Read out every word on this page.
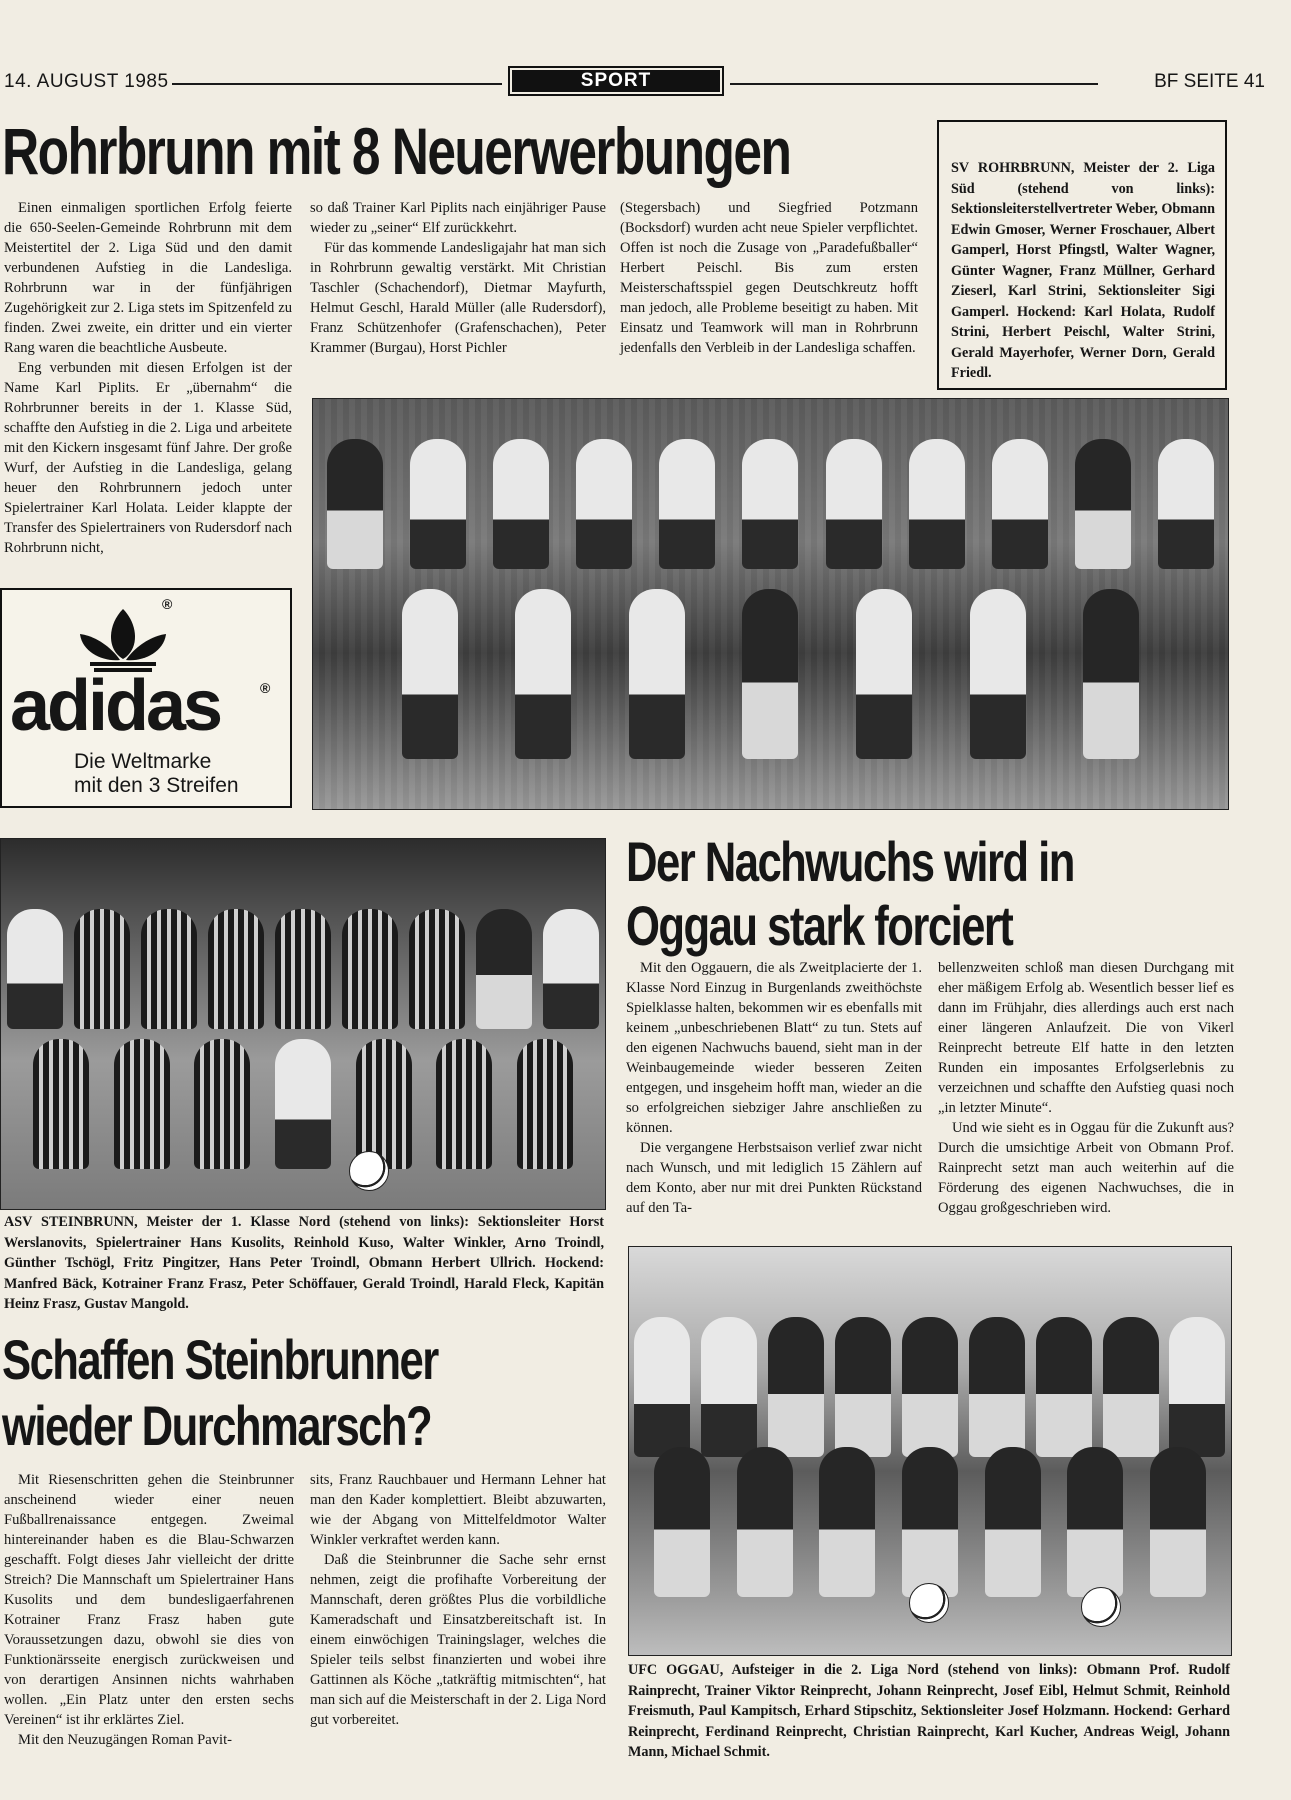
14. AUGUST 1985	SPORT	BF SEITE 41
Rohrbrunn mit 8 Neuerwerbungen

Einen einmaligen sportlichen Erfolg feierte die 650-Seelen-Gemeinde Rohrbrunn mit dem Meistertitel der 2. Liga Süd und den damit verbundenen Aufstieg in die Landesliga. Rohrbrunn war in der fünfjährigen Zugehörigkeit zur 2. Liga stets im Spitzenfeld zu finden. Zwei zweite, ein dritter und ein vierter Rang waren die beachtliche Ausbeute.

Eng verbunden mit diesen Erfolgen ist der Name Karl Piplits. Er „übernahm“ die Rohrbrunner bereits in der 1. Klasse Süd, schaffte den Aufstieg in die 2. Liga und arbeitete mit den Kickern insgesamt fünf Jahre. Der große Wurf, der Aufstieg in die Landesliga, gelang heuer den Rohrbrunnern jedoch unter Spielertrainer Karl Holata. Leider klappte der Transfer des Spielertrainers von Rudersdorf nach Rohrbrunn nicht,

so daß Trainer Karl Piplits nach einjähriger Pause wieder zu „seiner“ Elf zurückkehrt.

Für das kommende Landesligajahr hat man sich in Rohrbrunn gewaltig verstärkt. Mit Christian Taschler (Schachendorf), Dietmar Mayfurth, Helmut Geschl, Harald Müller (alle Rudersdorf), Franz Schützenhofer (Grafenschachen), Peter Krammer (Burgau), Horst Pichler

(Stegersbach) und Siegfried Potzmann (Bocksdorf) wurden acht neue Spieler verpflichtet. Offen ist noch die Zusage von „Paradefußballer“ Herbert Peischl. Bis zum ersten Meisterschaftsspiel gegen Deutschkreutz hofft man jedoch, alle Probleme beseitigt zu haben. Mit Einsatz und Teamwork will man in Rohrbrunn jedenfalls den Verbleib in der Landesliga schaffen.

SV ROHRBRUNN, Meister der 2. Liga Süd (stehend von links): Sektionsleiterstellvertreter Weber, Obmann Edwin Gmoser, Werner Froschauer, Albert Gamperl, Horst Pfingstl, Walter Wagner, Günter Wagner, Franz Müllner, Gerhard Zieserl, Karl Strini, Sektionsleiter Sigi Gamperl. Hockend: Karl Holata, Rudolf Strini, Herbert Peischl, Walter Strini, Gerald Mayerhofer, Werner Dorn, Gerald Friedl.
®
adidas	®
Die Weltmarke
mit den 3 Streifen
ASV STEINBRUNN, Meister der 1. Klasse Nord (stehend von links): Sektionsleiter Horst Werslanovits, Spielertrainer Hans Kusolits, Reinhold Kuso, Walter Winkler, Arno Troindl, Günther Tschögl, Fritz Pingitzer, Hans Peter Troindl, Obmann Herbert Ullrich. Hockend: Manfred Bäck, Kotrainer Franz Frasz, Peter Schöffauer, Gerald Troindl, Harald Fleck, Kapitän Heinz Frasz, Gustav Mangold.
Schaffen Steinbrunner
wieder Durchmarsch?

Mit Riesenschritten gehen die Steinbrunner anscheinend wieder einer neuen Fußballrenaissance entgegen. Zweimal hintereinander haben es die Blau-Schwarzen geschafft. Folgt dieses Jahr vielleicht der dritte Streich? Die Mannschaft um Spielertrainer Hans Kusolits und dem bundesligaerfahrenen Kotrainer Franz Frasz haben gute Voraussetzungen dazu, obwohl sie dies von Funktionärsseite energisch zurückweisen und von derartigen Ansinnen nichts wahrhaben wollen. „Ein Platz unter den ersten sechs Vereinen“ ist ihr erklärtes Ziel.

Mit den Neuzugängen Roman Pavit-

sits, Franz Rauchbauer und Hermann Lehner hat man den Kader komplettiert. Bleibt abzuwarten, wie der Abgang von Mittelfeldmotor Walter Winkler verkraftet werden kann.

Daß die Steinbrunner die Sache sehr ernst nehmen, zeigt die profihafte Vorbereitung der Mannschaft, deren größtes Plus die vorbildliche Kameradschaft und Einsatzbereitschaft ist. In einem einwöchigen Trainingslager, welches die Spieler teils selbst finanzierten und wobei ihre Gattinnen als Köche „tatkräftig mitmischten“, hat man sich auf die Meisterschaft in der 2. Liga Nord gut vorbereitet.

Der Nachwuchs wird in
Oggau stark forciert

Mit den Oggauern, die als Zweitplacierte der 1. Klasse Nord Einzug in Burgenlands zweithöchste Spielklasse halten, bekommen wir es ebenfalls mit keinem „unbeschriebenen Blatt“ zu tun. Stets auf den eigenen Nachwuchs bauend, sieht man in der Weinbaugemeinde wieder besseren Zeiten entgegen, und insgeheim hofft man, wieder an die so erfolgreichen siebziger Jahre anschließen zu können.

Die vergangene Herbstsaison verlief zwar nicht nach Wunsch, und mit lediglich 15 Zählern auf dem Konto, aber nur mit drei Punkten Rückstand auf den Ta-

bellenzweiten schloß man diesen Durchgang mit eher mäßigem Erfolg ab. Wesentlich besser lief es dann im Frühjahr, dies allerdings auch erst nach einer längeren Anlaufzeit. Die von Vikerl Reinprecht betreute Elf hatte in den letzten Runden ein imposantes Erfolgserlebnis zu verzeichnen und schaffte den Aufstieg quasi noch „in letzter Minute“.

Und wie sieht es in Oggau für die Zukunft aus? Durch die umsichtige Arbeit von Obmann Prof. Rainprecht setzt man auch weiterhin auf die Förderung des eigenen Nachwuchses, die in Oggau großgeschrieben wird.

UFC OGGAU, Aufsteiger in die 2. Liga Nord (stehend von links): Obmann Prof. Rudolf Rainprecht, Trainer Viktor Reinprecht, Johann Reinprecht, Josef Eibl, Helmut Schmit, Reinhold Freismuth, Paul Kampitsch, Erhard Stipschitz, Sektionsleiter Josef Holzmann. Hockend: Gerhard Reinprecht, Ferdinand Reinprecht, Christian Rainprecht, Karl Kucher, Andreas Weigl, Johann Mann, Michael Schmit.
